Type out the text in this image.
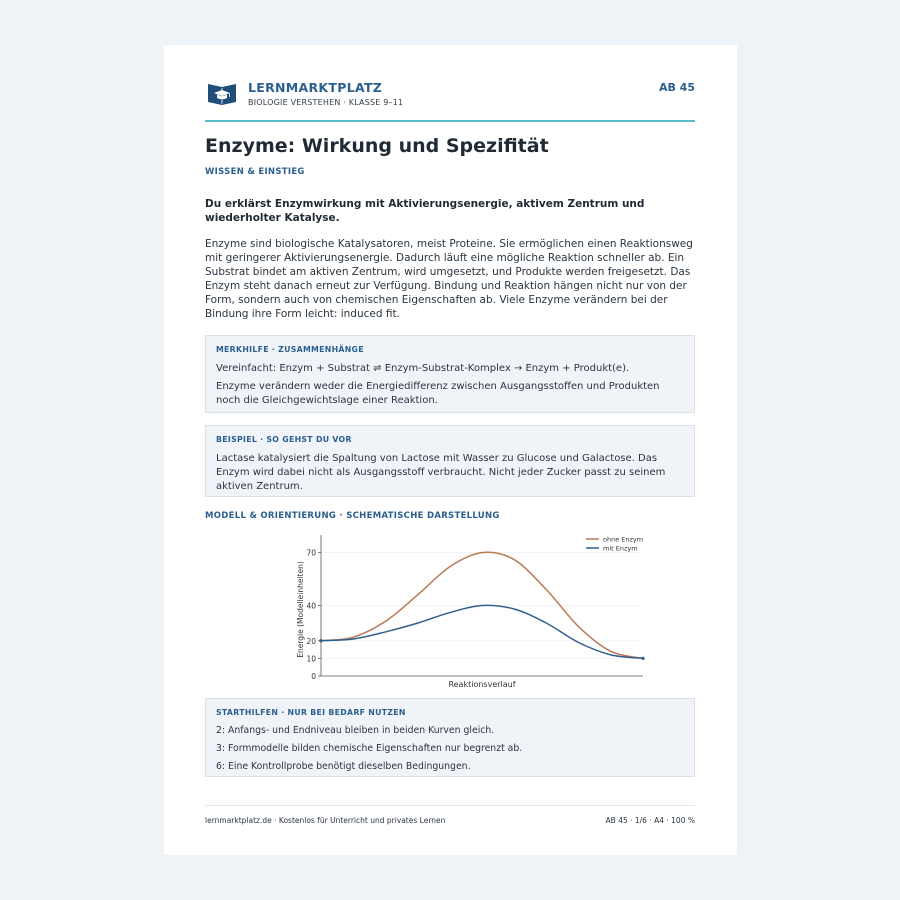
LERNMARKTPLATZ
BIOLOGIE VERSTEHEN · KLASSE 9–11
AB 45
Enzyme: Wirkung und Spezifität
WISSEN & EINSTIEG
Du erklärst Enzymwirkung mit Aktivierungsenergie, aktivem Zentrum und wiederholter Katalyse.
Enzyme sind biologische Katalysatoren, meist Proteine. Sie ermöglichen einen Reaktionsweg mit geringerer Aktivierungsenergie. Dadurch läuft eine mögliche Reaktion schneller ab. Ein Substrat bindet am aktiven Zentrum, wird umgesetzt, und Produkte werden freigesetzt. Das Enzym steht danach erneut zur Verfügung. Bindung und Reaktion hängen nicht nur von der Form, sondern auch von chemischen Eigenschaften ab. Viele Enzyme verändern bei der Bindung ihre Form leicht: induced fit.
MERKHILFE · ZUSAMMENHÄNGE

Vereinfacht: Enzym + Substrat ⇌ Enzym-Substrat-Komplex → Enzym + Produkt(e).

Enzyme verändern weder die Energiedifferenz zwischen Ausgangsstoffen und Produkten noch die Gleichgewichtslage einer Reaktion.

BEISPIEL · SO GEHST DU VOR

Lactase katalysiert die Spaltung von Lactose mit Wasser zu Glucose und Galactose. Das Enzym wird dabei nicht als Ausgangsstoff verbraucht. Nicht jeder Zucker passt zu seinem aktiven Zentrum.

MODELL & ORIENTIERUNG · SCHEMATISCHE DARSTELLUNG
0
10
20
40
70
Reaktionsverlauf
Energie (Modelleinheiten)
ohne Enzym
mit Enzym
STARTHILFEN · NUR BEI BEDARF NUTZEN
2: Anfangs- und Endniveau bleiben in beiden Kurven gleich.
3: Formmodelle bilden chemische Eigenschaften nur begrenzt ab.
6: Eine Kontrollprobe benötigt dieselben Bedingungen.
lernmarktplatz.de · Kostenlos für Unterricht und privates Lernen	AB 45 · 1/6 · A4 · 100 %
